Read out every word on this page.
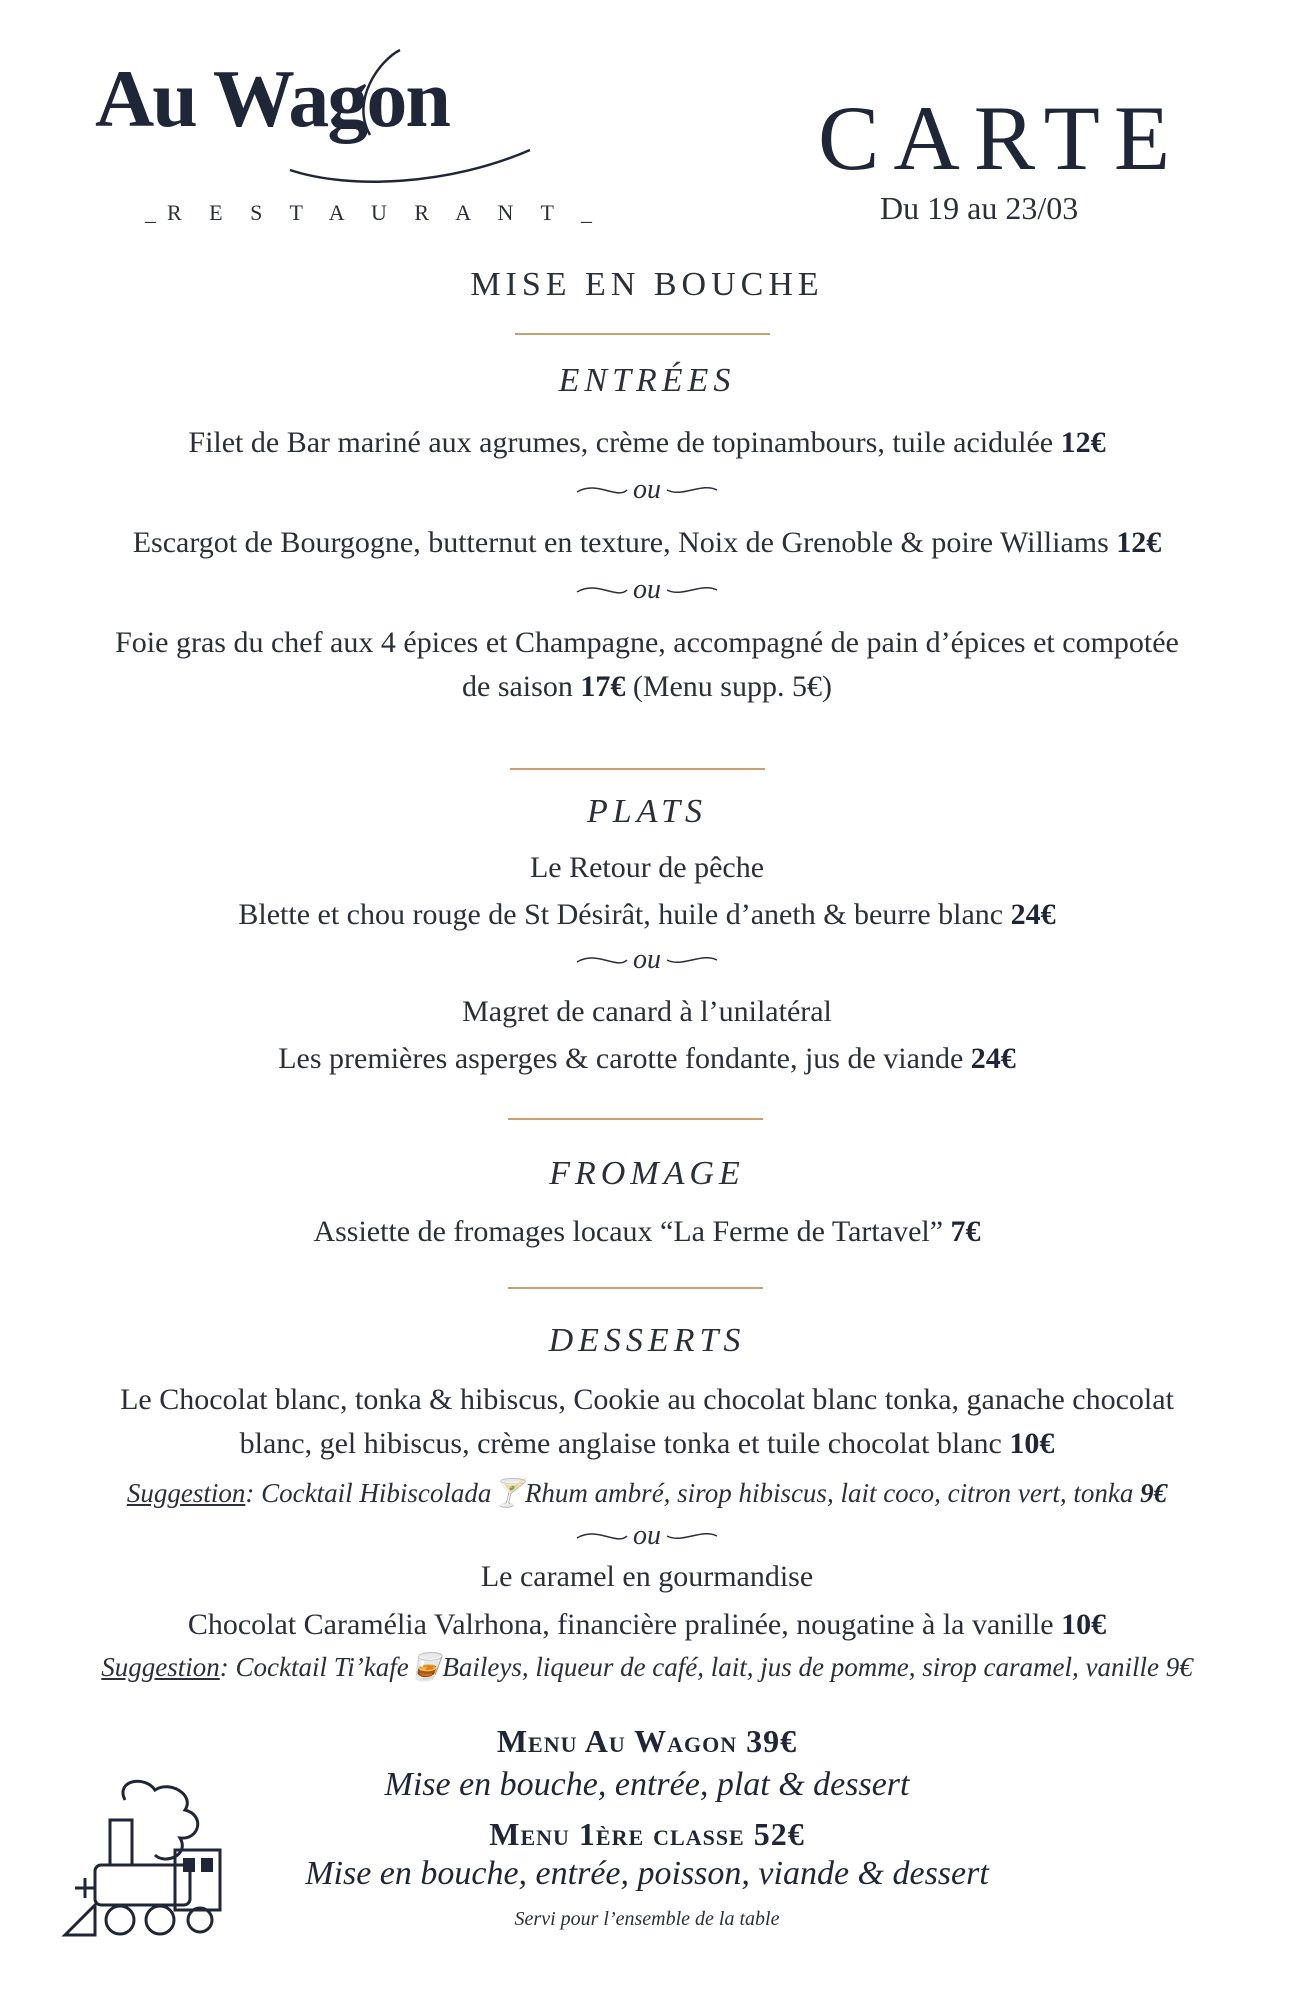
Au Wagon
_R E S T A U R A N T _
CARTE
Du 19 au 23/03
MISE EN BOUCHE
ENTRÉES
Filet de Bar mariné aux agrumes, crème de topinambours, tuile acidulée 12€
ou
Escargot de Bourgogne, butternut en texture, Noix de Grenoble & poire Williams 12€
ou
Foie gras du chef aux 4 épices et Champagne, accompagné de pain d’épices et compotée
de saison 17€ (Menu supp. 5€)
PLATS
Le Retour de pêche
Blette et chou rouge de St Désirât, huile d’aneth & beurre blanc 24€
ou
Magret de canard à l’unilatéral
Les premières asperges & carotte fondante, jus de viande 24€
FROMAGE
Assiette de fromages locaux “La Ferme de Tartavel” 7€
DESSERTS
Le Chocolat blanc, tonka & hibiscus, Cookie au chocolat blanc tonka, ganache chocolat
blanc, gel hibiscus, crème anglaise tonka et tuile chocolat blanc 10€
Suggestion: Cocktail Hibiscolada🍸Rhum ambré, sirop hibiscus, lait coco, citron vert, tonka 9€
ou
Le caramel en gourmandise
Chocolat Caramélia Valrhona, financière pralinée, nougatine à la vanille 10€
Suggestion: Cocktail Ti’kafe🥃Baileys, liqueur de café, lait, jus de pomme, sirop caramel, vanille 9€
Menu Au Wagon 39€
Mise en bouche, entrée, plat & dessert
Menu 1ère classe 52€
Mise en bouche, entrée, poisson, viande & dessert
Servi pour l’ensemble de la table
